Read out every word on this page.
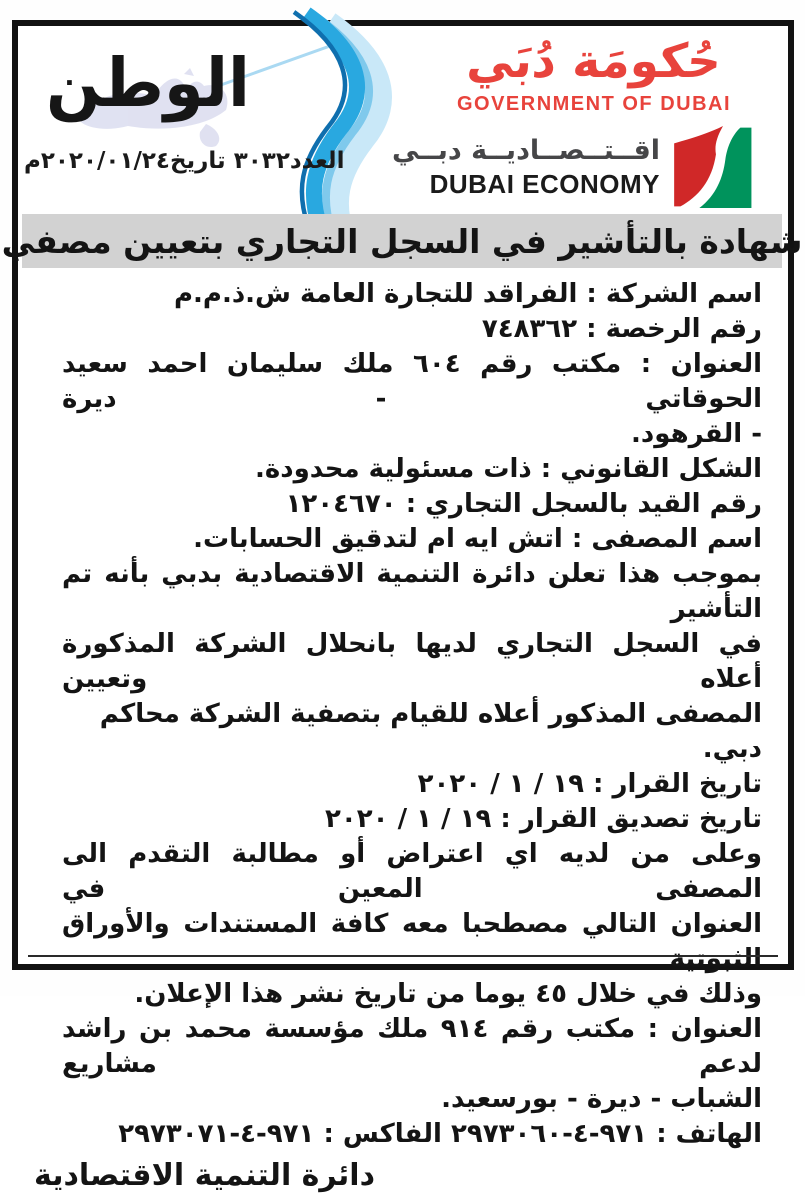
الوطن
العدد٣٠٣٢ تاريخ٢٠٢٠/٠١/٢٤م
حُكومَة دُبَي
GOVERNMENT OF DUBAI
اقــتــصــاديــة دبــي
DUBAI ECONOMY
شهادة بالتأشير في السجل التجاري بتعيين مصفي
اسم الشركة : الفراقد للتجارة العامة ش.ذ.م.م
رقم الرخصة : ٧٤٨٣٦٢
العنوان : مكتب رقم ٦٠٤ ملك سليمان احمد سعيد الحوقاتي - ديرة
- القرهود.
الشكل القانوني : ذات مسئولية محدودة.
رقم القيد بالسجل التجاري : ١٢٠٤٦٧٠
اسم المصفى : اتش ايه ام لتدقيق الحسابات.
بموجب هذا تعلن دائرة التنمية الاقتصادية بدبي بأنه تم التأشير
في السجل التجاري لديها بانحلال الشركة المذكورة أعلاه وتعيين
المصفى المذكور أعلاه للقيام بتصفية الشركة محاكم دبي.
تاريخ القرار : ١٩ / ١ / ٢٠٢٠
تاريخ تصديق القرار : ١٩ / ١ / ٢٠٢٠
وعلى من لديه اي اعتراض أو مطالبة التقدم الى المصفى المعين في
العنوان التالي مصطحبا معه كافة المستندات والأوراق الثبوتية
وذلك في خلال ٤٥ يوما من تاريخ نشر هذا الإعلان.
العنوان : مكتب رقم ٩١٤ ملك مؤسسة محمد بن راشد لدعم مشاريع
الشباب - ديرة - بورسعيد.
الهاتف : ٩٧١-٤-٢٩٧٣٠٦٠ الفاكس : ٩٧١-٤-٢٩٧٣٠٧١
دائرة التنمية الاقتصادية
